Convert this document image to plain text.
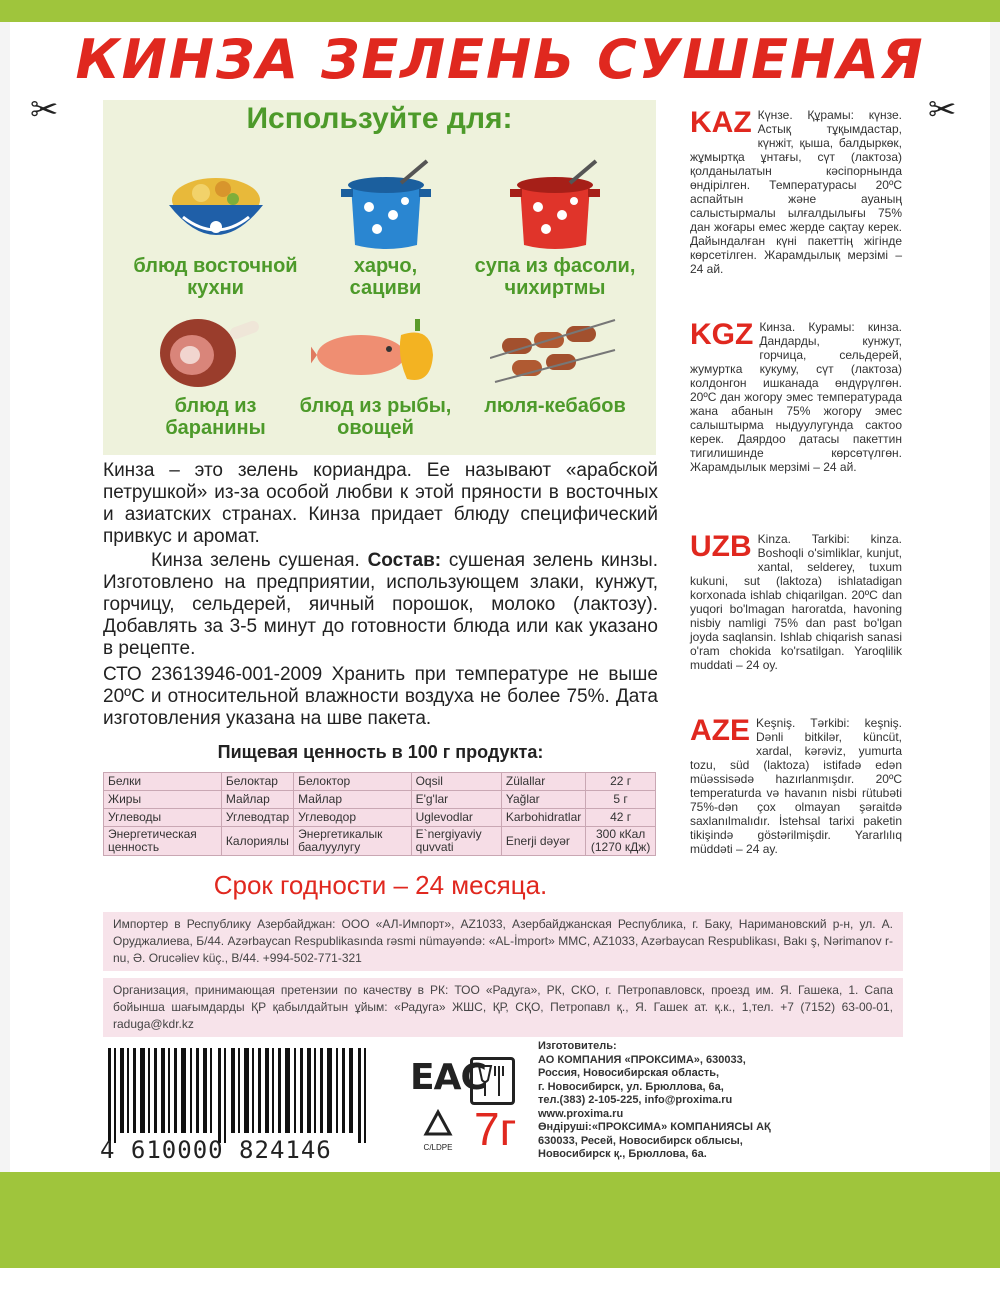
КИНЗА ЗЕЛЕНЬ СУШЕНАЯ
✂	✂
Используйте для:
блюд восточной
кухни
харчо,
сациви
супа из фасоли,
чихиртмы
блюд из
баранины
блюд из рыбы,
овощей
люля-кебабов
Кинза – это зелень кориандра. Ее называют «арабской петрушкой» из-за особой любви к этой пряности в восточных и азиатских странах. Кинза придает блюду специфический привкус и аромат.
Кинза зелень сушеная. Состав: сушеная зелень кинзы. Изготовлено на предприятии, использующем злаки, кунжут, горчицу, сельдерей, яичный порошок, молоко (лактозу). Добавлять за 3-5 минут до готовности блюда или как указано в рецепте.
СТО 23613946-001-2009 Хранить при температуре не выше 20ºС и относительной влажности воздуха не более 75%. Дата изготовления указана на шве пакета.
Пищевая ценность в 100 г продукта:
Белки	Белоктар	Белоктор	Oqsil	Zülallar	22 г
Жиры	Майлар	Майлар	E'g'lar	Yağlar	5 г
Углеводы	Углеводтар	Углеводор	Uglevodlar	Karbohidratlar	42 г
Энергетическая ценность	Калориялы	Энергетикалык баалуулугу	E`nergiyaviy quvvati	Enerji dəyər	300 кКал (1270 кДж)
Срок годности – 24 месяца.
KAZ Күнзе. Құрамы: күнзе. Астық тұқымдастар, күнжіт, қыша, балдыркөк, жұмыртқа ұнтағы, сүт (лактоза) қолданылатын кәсіпорнында өндірілген. Температурасы 20ºС аспайтын және ауаның салыстырмалы ылғалдылығы 75% дан жоғары емес жерде сақтау керек. Дайындалған күні пакеттің жігінде көрсетілген. Жарамдылық мерзімі – 24 ай.
KGZ Кинза. Курамы: кинза. Дандарды, кунжут, горчица, сельдерей, жумуртка кукуму, сүт (лактоза) колдонгон ишканада өндүрүлгөн. 20ºС дан жогору эмес температурада жана абанын 75% жогору эмес салыштырма ныдуулугунда сактоо керек. Даярдоо датасы пакеттин тигилишинде көрсөтүлгөн. Жарамдылык мерзімі – 24 ай.
UZB Kinza. Tarkibi: kinza. Boshoqli o'simliklar, kunjut, xantal, selderey, tuxum kukuni, sut (laktoza) ishlatadigan korxonada ishlab chiqarilgan. 20ºC dan yuqori bo'lmagan haroratda, havoning nisbiy namligi 75% dan past bo'lgan joyda saqlansin. Ishlab chiqarish sanasi o'ram chokida ko'rsatilgan. Yaroqlilik muddati – 24 oy.
AZE Keşniş. Tərkibi: keşniş. Dənli bitkilər, küncüt, xardal, kərəviz, yumurta tozu, süd (laktoza) istifadə edən müəssisədə hazırlanmışdır. 20ºC temperaturda və havanın nisbi rütubəti 75%-dən çox olmayan şəraitdə saxlanılmalıdır. İstehsal tarixi paketin tikişində göstərilmişdir. Yararlılıq müddəti – 24 ay.
Импортер в Республику Азербайджан: ООО «АЛ-Импорт», AZ1033, Азербайджанская Республика, г. Баку, Наримановский р-н, ул. А. Оруджалиева, Б/44. Azərbaycan Respublikasında rəsmi nümayəndə: «AL-İmport» MMC, AZ1033, Azərbaycan Respublikası, Bakı ş, Nərimanov r-nu, Ə. Orucəliev küç., B/44. +994-502-771-321
Организация, принимающая претензии по качеству в РК: ТОО «Радуга», РК, СКО, г. Петропавловск, проезд им. Я. Гашека, 1. Сапа бойынша шағымдарды ҚР қабылдайтын ұйым: «Радуга» ЖШС, ҚР, СҚО, Петропавл қ., Я. Гашек ат. қ.к., 1,тел. +7 (7152) 63-00-01, raduga@kdr.kz
4 610000 824146
EAC
C/LDPE 7г
Изготовитель:
АО КОМПАНИЯ «ПРОКСИМА», 630033,
Россия, Новосибирская область,
г. Новосибирск, ул. Брюллова, 6а,
тел.(383) 2-105-225, info@proxima.ru
www.proxima.ru
Өндіруші:«ПРОКСИМА» КОМПАНИЯСЫ АҚ
630033, Ресей, Новосибирск облысы,
Новосибирск қ., Брюллова, 6а.
